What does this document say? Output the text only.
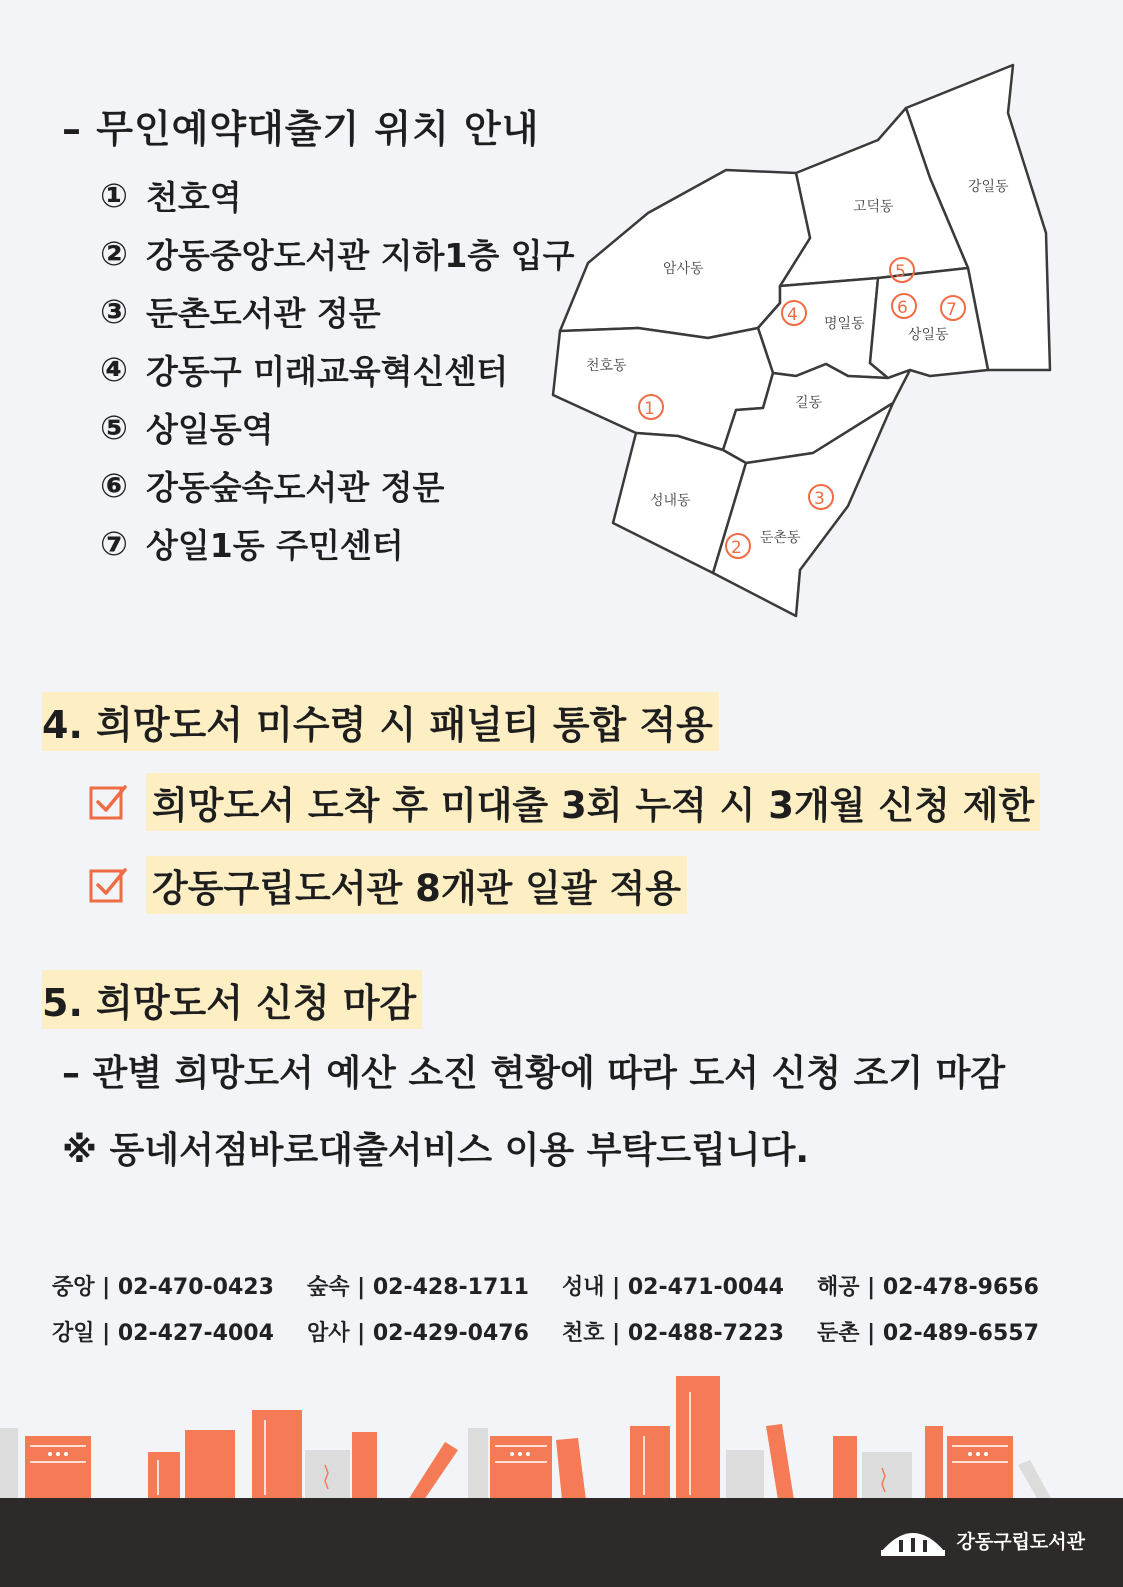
– 무인예약대출기 위치 안내
① 천호역
② 강동중앙도서관 지하1층 입구
③ 둔촌도서관 정문
④ 강동구 미래교육혁신센터
⑤ 상일동역
⑥ 강동숲속도서관 정문
⑦ 상일1동 주민센터
강일동
고덕동
암사동
명일동
상일동
천호동
길동
성내동
둔촌동
1
2
3
4
5
6 7
4. 희망도서 미수령 시 패널티 통합 적용
희망도서 도착 후 미대출 3회 누적 시 3개월 신청 제한
강동구립도서관 8개관 일괄 적용
5. 희망도서 신청 마감
– 관별 희망도서 예산 소진 현황에 따라 도서 신청 조기 마감
※ 동네서점바로대출서비스 이용 부탁드립니다.
중앙 | 02-470-0423	숲속 | 02-428-1711	성내 | 02-471-0044	해공 | 02-478-9656
강일 | 02-427-4004	암사 | 02-429-0476	천호 | 02-488-7223	둔촌 | 02-489-6557
강동구립도서관
